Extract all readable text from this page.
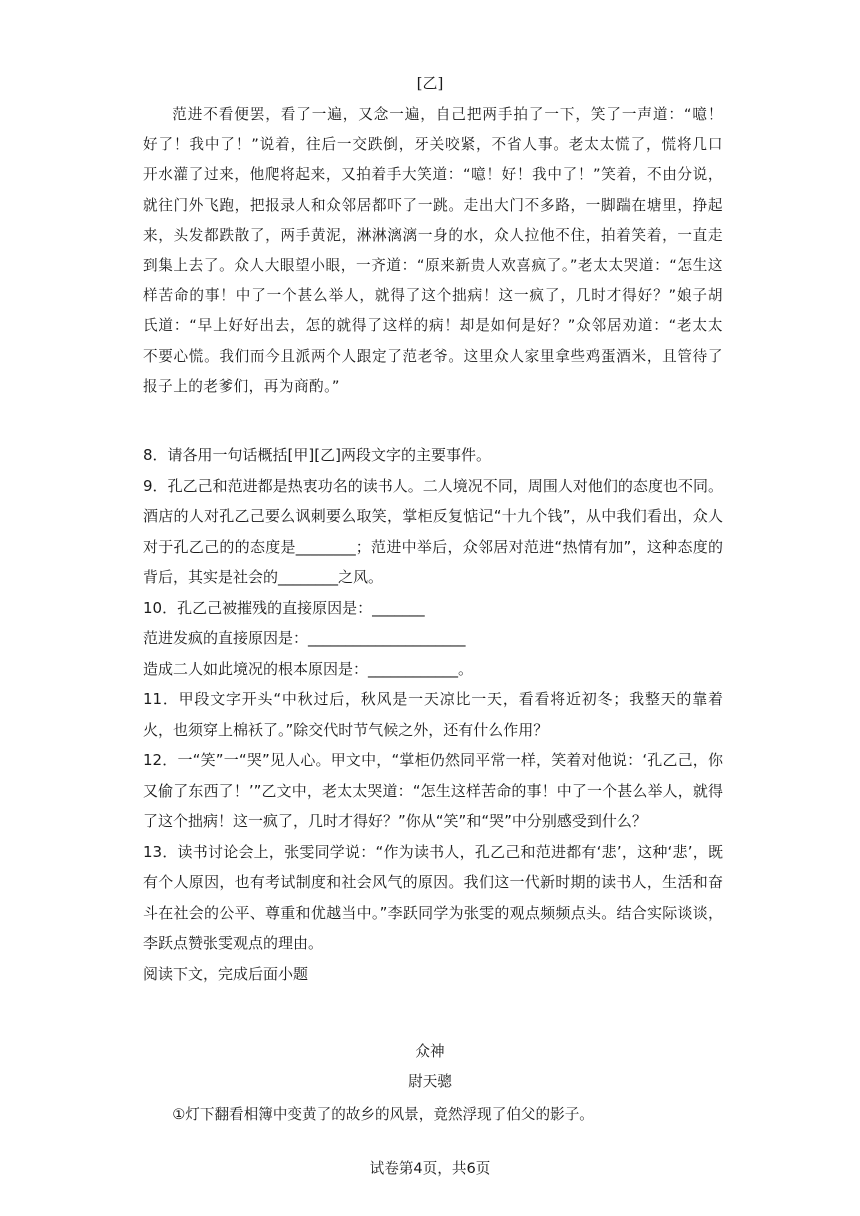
[乙]

范进不看便罢，看了一遍，又念一遍，自己把两手拍了一下，笑了一声道：“噫！好了！我中了！”说着，往后一交跌倒，牙关咬紧，不省人事。老太太慌了，慌将几口开水灌了过来，他爬将起来，又拍着手大笑道：“噫！好！我中了！”笑着，不由分说，就往门外飞跑，把报录人和众邻居都吓了一跳。走出大门不多路，一脚踹在塘里，挣起来，头发都跌散了，两手黄泥，淋淋漓漓一身的水，众人拉他不住，拍着笑着，一直走到集上去了。众人大眼望小眼，一齐道：“原来新贵人欢喜疯了。”老太太哭道：“怎生这样苦命的事！中了一个甚么举人，就得了这个拙病！这一疯了，几时才得好？”娘子胡氏道：“早上好好出去，怎的就得了这样的病！却是如何是好？”众邻居劝道：“老太太不要心慌。我们而今且派两个人跟定了范老爷。这里众人家里拿些鸡蛋酒米，且管待了报子上的老爹们，再为商酌。”

8．请各用一句话概括[甲][乙]两段文字的主要事件。

9．孔乙己和范进都是热衷功名的读书人。二人境况不同，周围人对他们的态度也不同。酒店的人对孔乙己要么讽刺要么取笑，掌柜反复惦记“十九个钱”，从中我们看出，众人对于孔乙己的的态度是________；范进中举后，众邻居对范进“热情有加”，这种态度的背后，其实是社会的________之风。

10．孔乙己被摧残的直接原因是：_______

范进发疯的直接原因是：_____________________

造成二人如此境况的根本原因是：____________。

11．甲段文字开头“中秋过后，秋风是一天凉比一天，看看将近初冬；我整天的靠着火，也须穿上棉袄了。”除交代时节气候之外，还有什么作用？

12．一“笑”一“哭”见人心。甲文中，“掌柜仍然同平常一样，笑着对他说：‘孔乙己，你又偷了东西了！’”乙文中，老太太哭道：“怎生这样苦命的事！中了一个甚么举人，就得了这个拙病！这一疯了，几时才得好？”你从“笑”和“哭”中分别感受到什么？

13．读书讨论会上，张雯同学说：“作为读书人，孔乙己和范进都有‘悲’，这种‘悲’，既有个人原因，也有考试制度和社会风气的原因。我们这一代新时期的读书人，生活和奋斗在社会的公平、尊重和优越当中。”李跃同学为张雯的观点频频点头。结合实际谈谈，李跃点赞张雯观点的理由。

阅读下文，完成后面小题

众神
尉天骢

①灯下翻看相簿中变黄了的故乡的风景，竟然浮现了伯父的影子。

试卷第4页，共6页
